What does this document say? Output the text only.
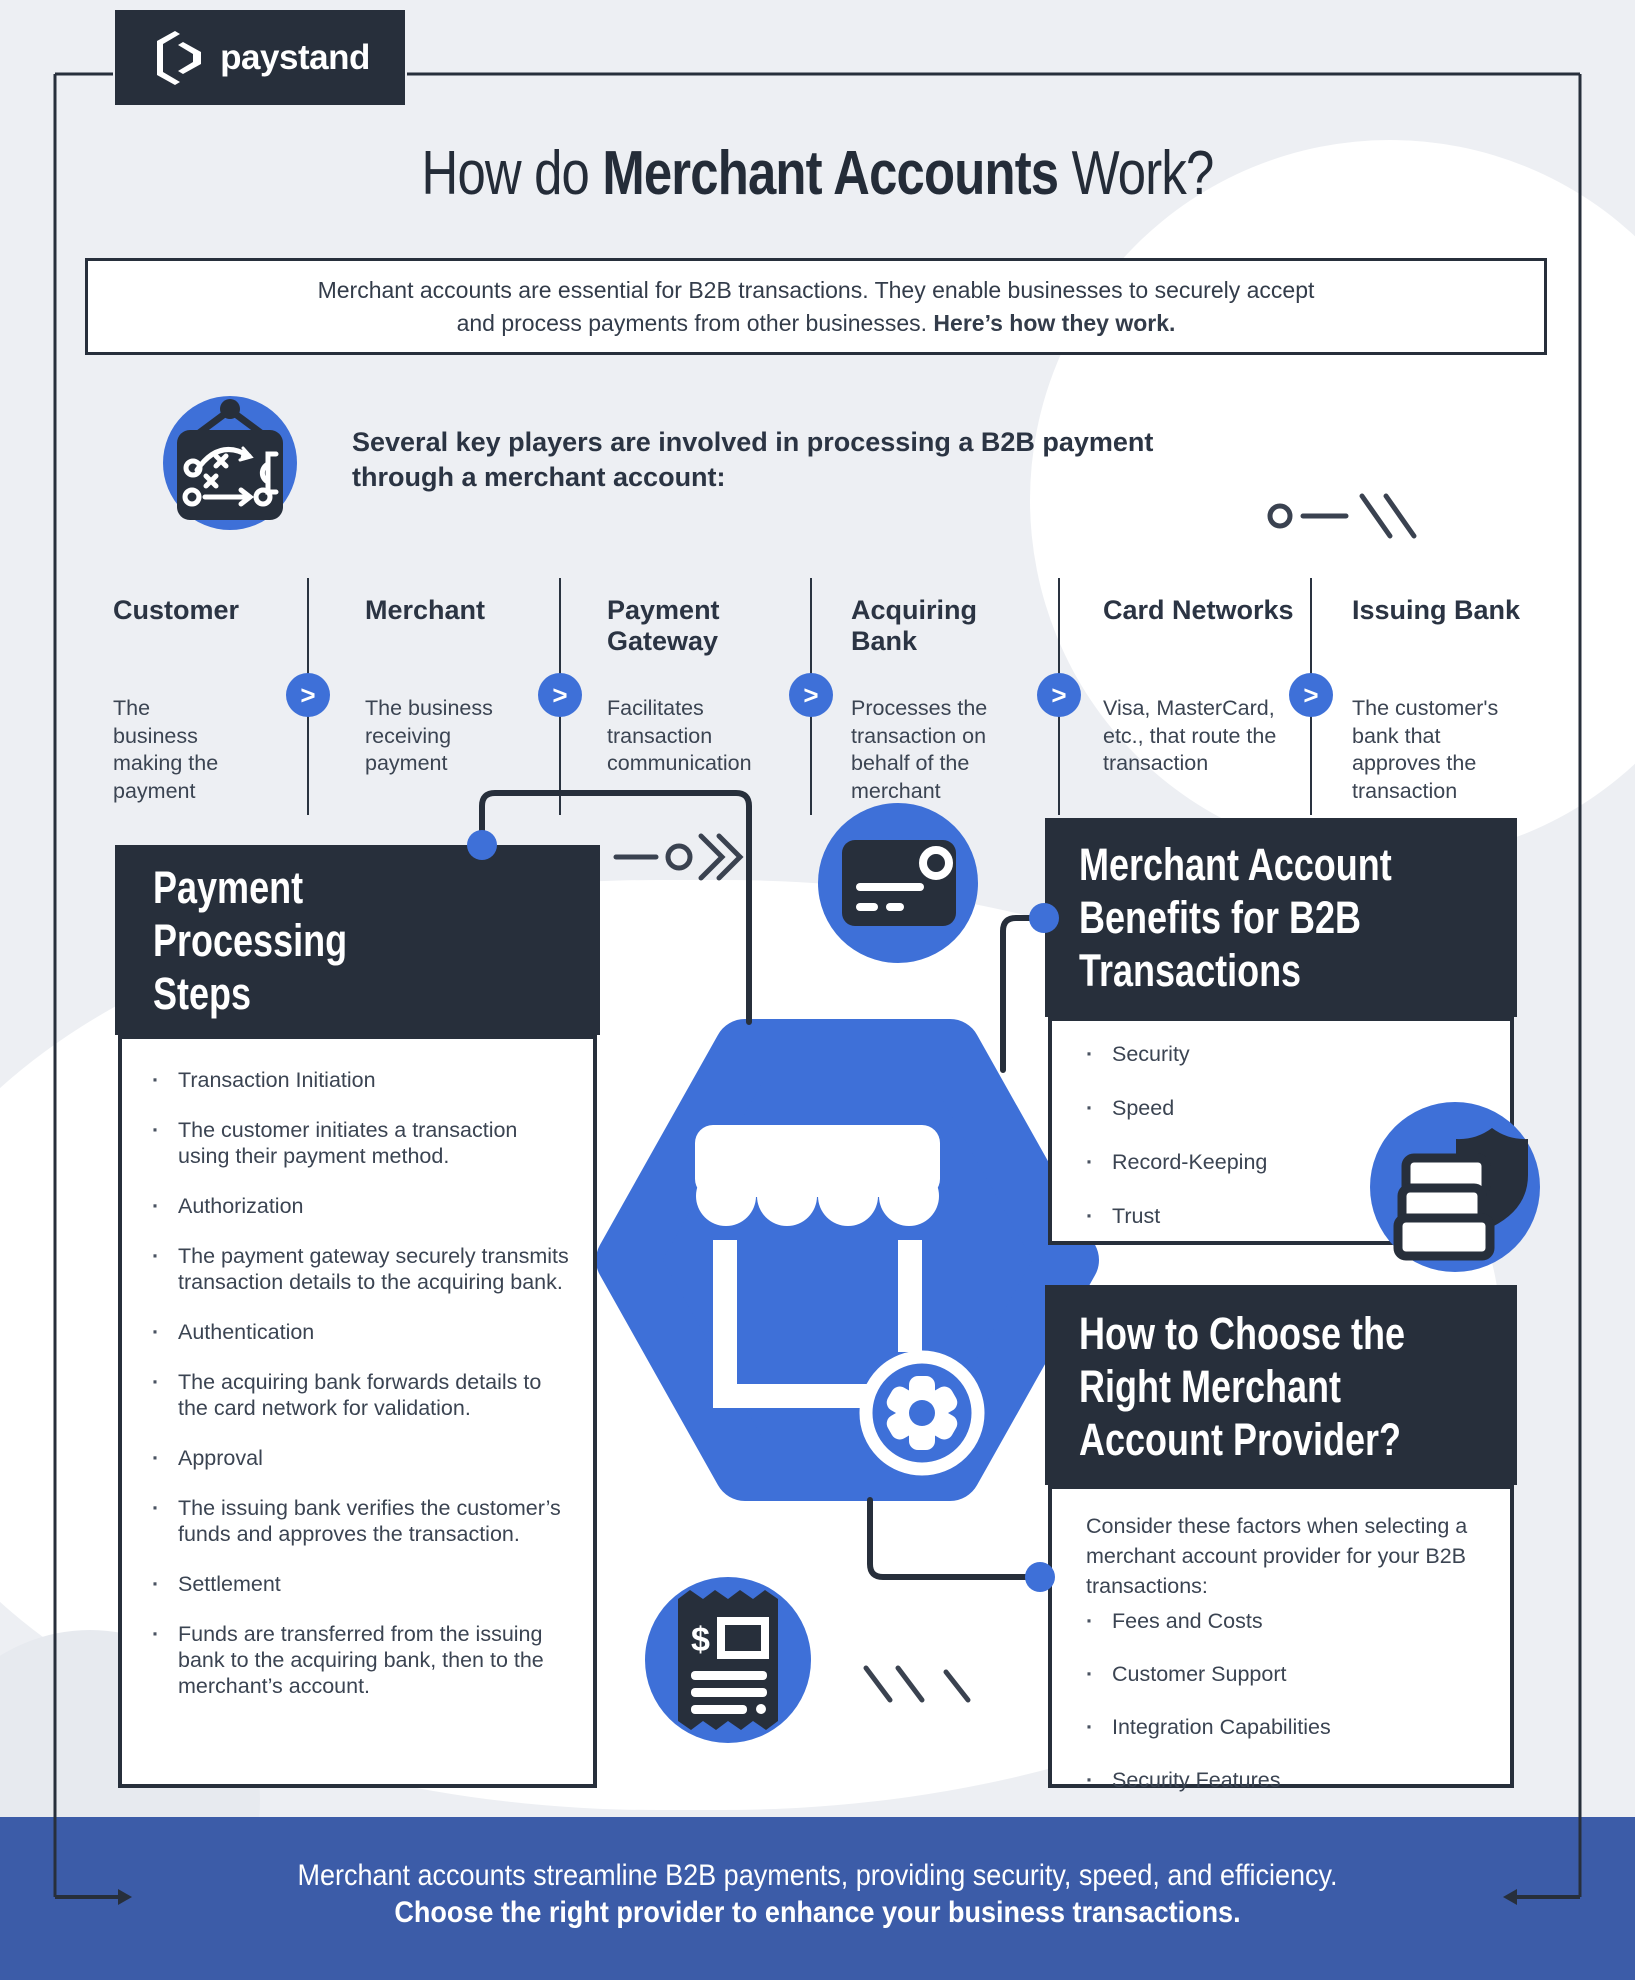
Merchant accounts streamline B2B payments, providing security, speed, and efficiency.
Choose the right provider to enhance your business transactions.
paystand
How do Merchant Accounts Work?
Merchant accounts are essential for B2B transactions. They enable businesses to securely accept
and process payments from other businesses. Here’s how they work.
Several key players are involved in processing a B2B payment through a merchant account:
Customer

The business making the payment

Merchant

The business receiving payment

Payment Gateway

Facilitates transaction communication

Acquiring Bank

Processes the transaction on behalf of the merchant

Card Networks

Visa, MasterCard, etc., that route the transaction

Issuing Bank

The customer's bank that approves the transaction

>	>	>	>	>
$
Payment
Processing
Steps
· Transaction Initiation
· The customer initiates a transaction using their payment method.
· Authorization
· The payment gateway securely transmits transaction details to the acquiring bank.
· Authentication
· The acquiring bank forwards details to the card network for validation.
· Approval
· The issuing bank verifies the customer’s funds and approves the transaction.
· Settlement
· Funds are transferred from the issuing bank to the acquiring bank, then to the merchant’s account.
Merchant Account
Benefits for B2B
Transactions
· Security
· Speed
· Record-Keeping
· Trust
How to Choose the
Right Merchant
Account Provider?

Consider these factors when selecting a merchant account provider for your B2B transactions:

· Fees and Costs
· Customer Support
· Integration Capabilities
· Security Features
